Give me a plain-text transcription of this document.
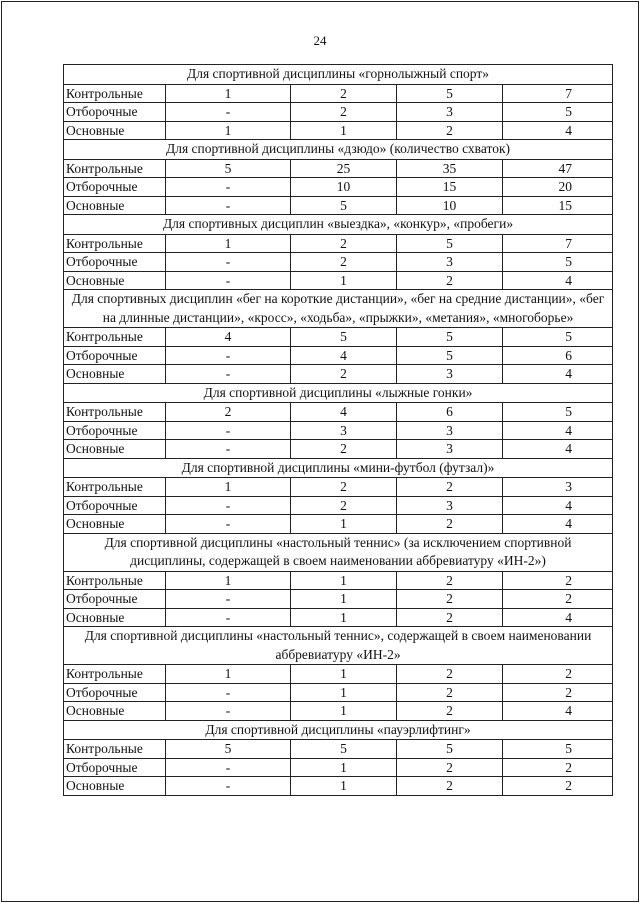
24
Для спортивной дисциплины «горнолыжный спорт»				
Контрольные	1	2	5	7
Отборочные	-	2	3	5
Основные	1	1	2	4
Для спортивной дисциплины «дзюдо» (количество схваток)				
Контрольные	5	25	35	47
Отборочные	-	10	15	20
Основные	-	5	10	15
Для спортивных дисциплин «выездка», «конкур», «пробеги»				
Контрольные	1	2	5	7
Отборочные	-	2	3	5
Основные	-	1	2	4
Для спортивных дисциплин «бег на короткие дистанции», «бег на средние дистанции», «бег на длинные дистанции», «кросс», «ходьба», «прыжки», «метания», «многоборье»				
Контрольные	4	5	5	5
Отборочные	-	4	5	6
Основные	-	2	3	4
Для спортивной дисциплины «лыжные гонки»				
Контрольные	2	4	6	5
Отборочные	-	3	3	4
Основные	-	2	3	4
Для спортивной дисциплины «мини-футбол (футзал)»				
Контрольные	1	2	2	3
Отборочные	-	2	3	4
Основные	-	1	2	4
Для спортивной дисциплины «настольный теннис» (за исключением спортивной дисциплины, содержащей в своем наименовании аббревиатуру «ИН-2»)				
Контрольные	1	1	2	2
Отборочные	-	1	2	2
Основные	-	1	2	4
Для спортивной дисциплины «настольный теннис», содержащей в своем наименовании аббревиатуру «ИН-2»				
Контрольные	1	1	2	2
Отборочные	-	1	2	2
Основные	-	1	2	4
Для спортивной дисциплины «пауэрлифтинг»				
Контрольные	5	5	5	5
Отборочные	-	1	2	2
Основные	-	1	2	2
